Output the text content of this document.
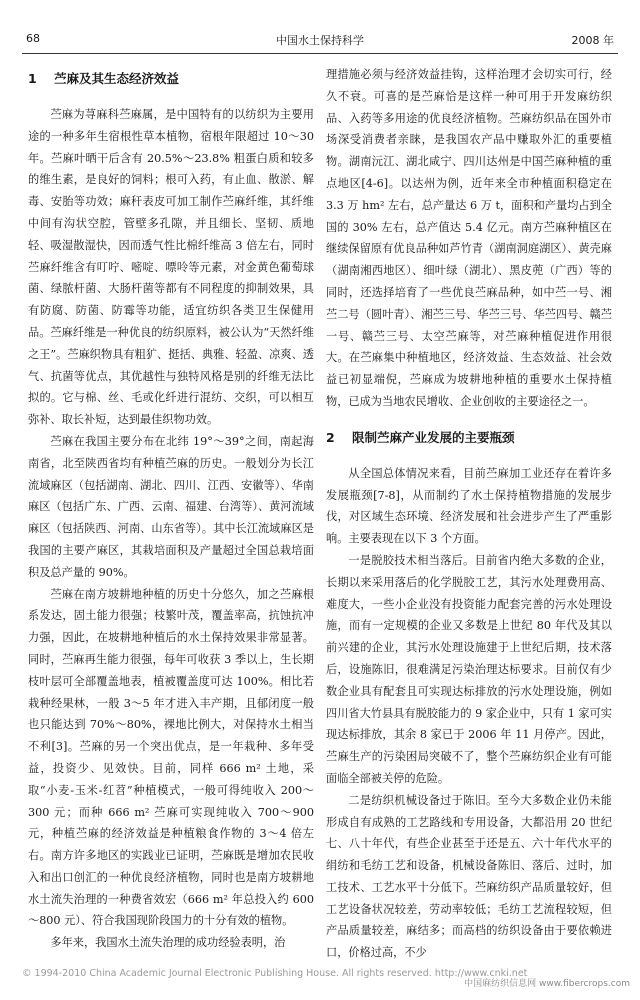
68	中国水土保持科学	2008 年
1 苎麻及其生态经济效益

苎麻为荨麻科苎麻属，是中国特有的以纺织为主要用途的一种多年生宿根性草本植物，宿根年限超过 10～30 年。苎麻叶晒干后含有 20.5%～23.8% 粗蛋白质和较多的维生素，是良好的饲料；根可入药，有止血、散淤、解毒、安胎等功效；麻秆表皮可加工制作苎麻纤维，其纤维中间有沟状空腔，管壁多孔隙，并且细长、坚韧、质地轻、吸湿散湿快，因而透气性比棉纤维高 3 倍左右，同时苎麻纤维含有叮咛、嘧啶、嘌呤等元素，对金黄色葡萄球菌、绿脓杆菌、大肠杆菌等都有不同程度的抑制效果，具有防腐、防菌、防霉等功能，适宜纺织各类卫生保健用品。苎麻纤维是一种优良的纺织原料，被公认为“天然纤维之王”。苎麻织物具有粗犷、挺括、典雅、轻盈、凉爽、透气、抗菌等优点，其优越性与独特风格是别的纤维无法比拟的。它与棉、丝、毛或化纤进行混纺、交织，可以相互弥补、取长补短，达到最佳织物功效。

苎麻在我国主要分布在北纬 19°～39°之间，南起海南省，北至陕西省均有种植苎麻的历史。一般划分为长江流域麻区（包括湖南、湖北、四川、江西、安徽等）、华南麻区（包括广东、广西、云南、福建、台湾等）、黄河流域麻区（包括陕西、河南、山东省等）。其中长江流域麻区是我国的主要产麻区，其栽培面积及产量超过全国总栽培面积及总产量的 90%。

苎麻在南方坡耕地种植的历史十分悠久，加之苎麻根系发达，固土能力很强；枝繁叶茂，覆盖率高，抗蚀抗冲力强，因此，在坡耕地种植后的水土保持效果非常显著。同时，苎麻再生能力很强，每年可收获 3 季以上，生长期枝叶层可全部覆盖地表，植被覆盖度可达 100%。相比若栽种经果林，一般 3～5 年才进入丰产期，且郁闭度一般也只能达到 70%～80%，裸地比例大，对保持水土相当不利[3]。苎麻的另一个突出优点，是一年栽种、多年受益，投资少、见效快。目前，同样 666 m² 土地，采取“小麦-玉米-红苕”种植模式，一般可得纯收入 200～300 元；而种 666 m² 苎麻可实现纯收入 700～900 元，种植苎麻的经济效益是种植粮食作物的 3～4 倍左右。南方许多地区的实践业已证明，苎麻既是增加农民收入和出口创汇的一种优良经济植物，同时也是南方坡耕地水土流失治理的一种费省效宏（666 m² 年总投入约 600～800 元）、符合我国现阶段国力的十分有效的植物。

多年来，我国水土流失治理的成功经验表明，治

理措施必须与经济效益挂钩，这样治理才会切实可行，经久不衰。可喜的是苎麻恰是这样一种可用于开发麻纺织品、入药等多用途的优良经济植物。苎麻纺织品在国外市场深受消费者亲睐，是我国农产品中赚取外汇的重要植物。湖南沅江、湖北咸宁、四川达州是中国苎麻种植的重点地区[4-6]。以达州为例，近年来全市种植面积稳定在 3.3 万 hm² 左右，总产量达 6 万 t，面积和产量均占到全国的 30% 左右，总产值达 5.4 亿元。南方苎麻种植区在继续保留原有优良品种如芦竹青（湖南洞庭湖区）、黄壳麻（湖南湘西地区）、细叶绿（湖北）、黑皮蔸（广西）等的同时，还选择培育了一些优良苎麻品种，如中苎一号、湘苎二号（圆叶青）、湘苎三号、华苎三号、华苎四号、赣苎一号、赣苎三号、太空苎麻等，对苎麻种植促进作用很大。在苎麻集中种植地区，经济效益、生态效益、社会效益已初显端倪，苎麻成为坡耕地种植的重要水土保持植物，已成为当地农民增收、企业创收的主要途径之一。

2 限制苎麻产业发展的主要瓶颈

从全国总体情况来看，目前苎麻加工业还存在着许多发展瓶颈[7-8]，从而制约了水土保持植物措施的发展步伐，对区域生态环境、经济发展和社会进步产生了严重影响。主要表现在以下 3 个方面。

一是脱胶技术相当落后。目前省内绝大多数的企业，长期以来采用落后的化学脱胶工艺，其污水处理费用高、难度大，一些小企业没有投资能力配套完善的污水处理设施，而有一定规模的企业又多数是上世纪 80 年代及其以前兴建的企业，其污水处理设施建于上世纪后期，技术落后，设施陈旧，很难满足污染治理达标要求。目前仅有少数企业具有配套且可实现达标排放的污水处理设施，例如四川省大竹县具有脱胶能力的 9 家企业中，只有 1 家可实现达标排放，其余 8 家已于 2006 年 11 月停产。因此，苎麻生产的污染困局突破不了，整个苎麻纺织企业有可能面临全部被关停的危险。

二是纺织机械设备过于陈旧。至今大多数企业仍未能形成自有成熟的工艺路线和专用设备，大都沿用 20 世纪七、八十年代，有些企业甚至于还是五、六十年代水平的绢纺和毛纺工艺和设备，机械设备陈旧、落后、过时，加工技术、工艺水平十分低下。苎麻纺织产品质量较好，但工艺设备状况较差，劳动率较低；毛纺工艺流程较短，但产品质量较差，麻结多；而高档的纺织设备由于要依赖进口，价格过高，不少

© 1994-2010 China Academic Journal Electronic Publishing House. All rights reserved. http://www.cnki.net
中国麻纺织信息网 www.fibercrops.com
